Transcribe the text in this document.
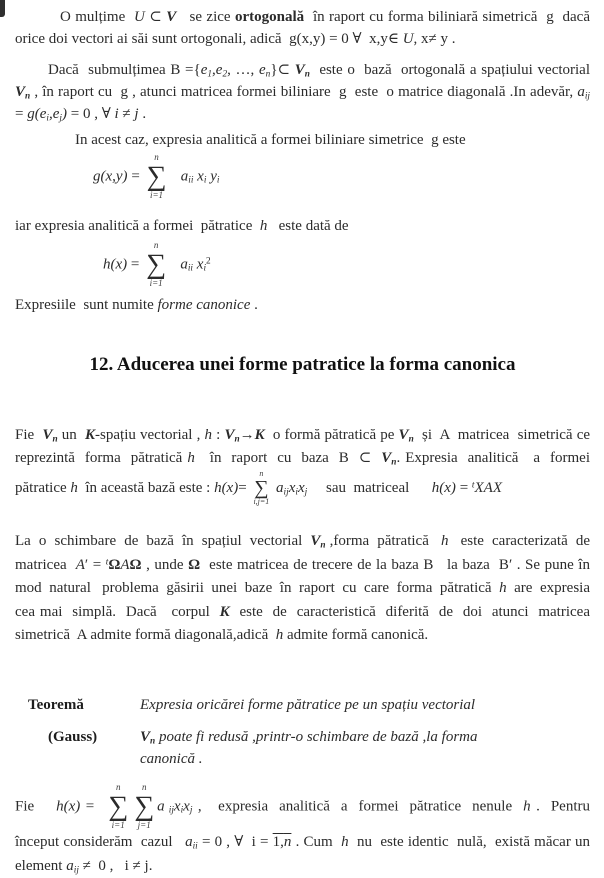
O mulțime  U ⊂ V   se zice ortogonală  în raport cu forma biliniară simetrică  g  dacă orice doi vectori ai săi sunt ortogonali, adică  g(x,y) = 0 ∀  x,y∈ U, x≠ y .
Dacă  submulțimea B ={e1,e2, …, en}⊂ Vn  este o  bază  ortogonală a spațiului vectorial Vn , în raport cu  g , atunci matricea formei biliniare  g  este  o matrice diagonală .In adevăr, aij = g(ei,ej) = 0 , ∀ i ≠ j .
In acest caz, expresia analitică a formei biliniare simetrice  g este
g(x,y) =
n
∑
i=1
aii xi yi
iar expresia analitică a formei  pătratice  h   este dată de
h(x) =
n
∑
i=1
aii $xi^2$
Expresiile  sunt numite forme canonice .
12. Aducerea unei forme patratice la forma canonica
Fie  Vn un  K-spațiu vectorial , h : Vn→K  o formă pătratică pe Vn  și  A  matricea  simetrică ce   reprezintă  forma  pătratică h   în  raport  cu  baza  B  ⊂  Vn. Expresia  analitică   a  formei pătratice h  în această bază este : h(x)=
n
∑
i,j=1
aijxixj     sau  matriceal      h(x) = $^t$XAX
La  o  schimbare  de  bază  în  spațiul  vectorial  Vn ,forma  pătratică   h   este  caracterizată  de matricea  A′ = $^t$ΩAΩ , unde Ω  este matricea de trecere de la baza B   la baza  B′ . Se pune în mod  natural   problema  găsirii  unei  baze  în  raport  cu  care  forma  pătratică  h  are  expresia  cea mai  simplă.  Dacă   corpul  K  este  de  caracteristică  diferită  de  doi  atunci  matricea  simetrică  A admite formă diagonală,adică  h admite formă canonică.
Teoremă	Expresia oricărei forme pătratice pe un spațiu vectorial
(Gauss)	Vn poate fi redusă ,printr-o schimbare de bază ,la forma
canonică .
Fie    h(x) =
n
∑
i=1
n
∑
j=1
a ijxixj ,   expresia  analitică  a  formei  pătratice  nenule  h .  Pentru  început considerăm  cazul   aii = 0 , ∀  $i = 1,\overline{n}$ . Cum  h  nu  este identic  nulă,  există măcar un element aij ≠  0 ,   i ≠ j.
